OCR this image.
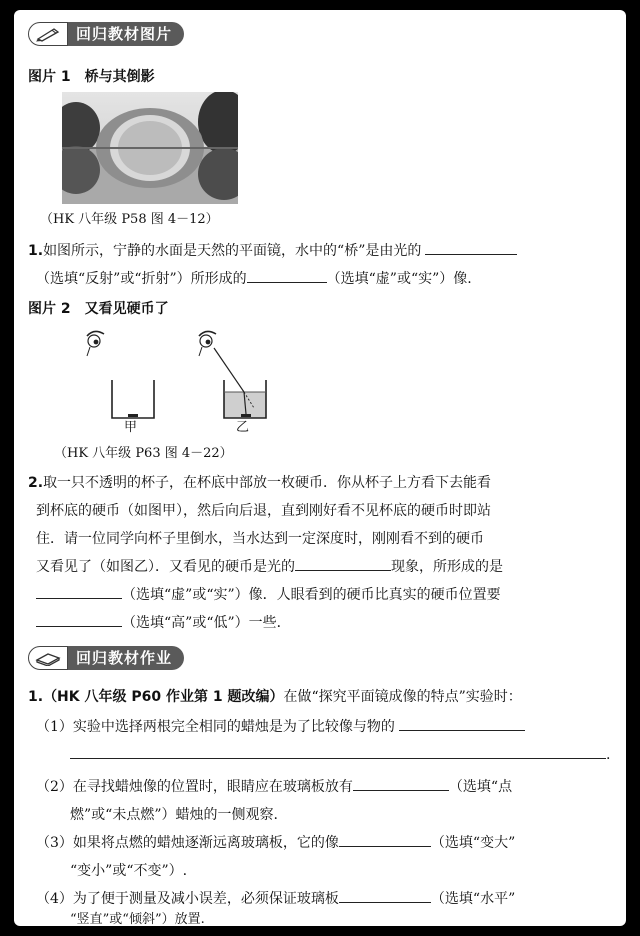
回归教材图片
图片 1　桥与其倒影
（HK 八年级 P58 图 4－12）
1.如图所示，宁静的水面是天然的平面镜，水中的“桥”是由光的
（选填“反射”或“折射”）所形成的	（选填“虚”或“实”）像.
图片 2　又看见硬币了
甲	乙
（HK 八年级 P63 图 4－22）
2.取一只不透明的杯子，在杯底中部放一枚硬币．你从杯子上方看下去能看
到杯底的硬币（如图甲），然后向后退，直到刚好看不见杯底的硬币时即站
住．请一位同学向杯子里倒水，当水达到一定深度时，刚刚看不到的硬币
又看见了（如图乙）．又看见的硬币是光的	现象，所形成的是
（选填“虚”或“实”）像．人眼看到的硬币比真实的硬币位置要
（选填“高”或“低”）一些．
回归教材作业
1.（HK 八年级 P60 作业第 1 题改编）在做“探究平面镜成像的特点”实验时：
（1）实验中选择两根完全相同的蜡烛是为了比较像与物的
.
（2）在寻找蜡烛像的位置时，眼睛应在玻璃板放有	（选填“点
燃”或“未点燃”）蜡烛的一侧观察.
（3）如果将点燃的蜡烛逐渐远离玻璃板，它的像	（选填“变大”
“变小”或“不变”）.
（4）为了便于测量及减小误差，必须保证玻璃板	（选填“水平”
“竖直”或“倾斜”）放置.
